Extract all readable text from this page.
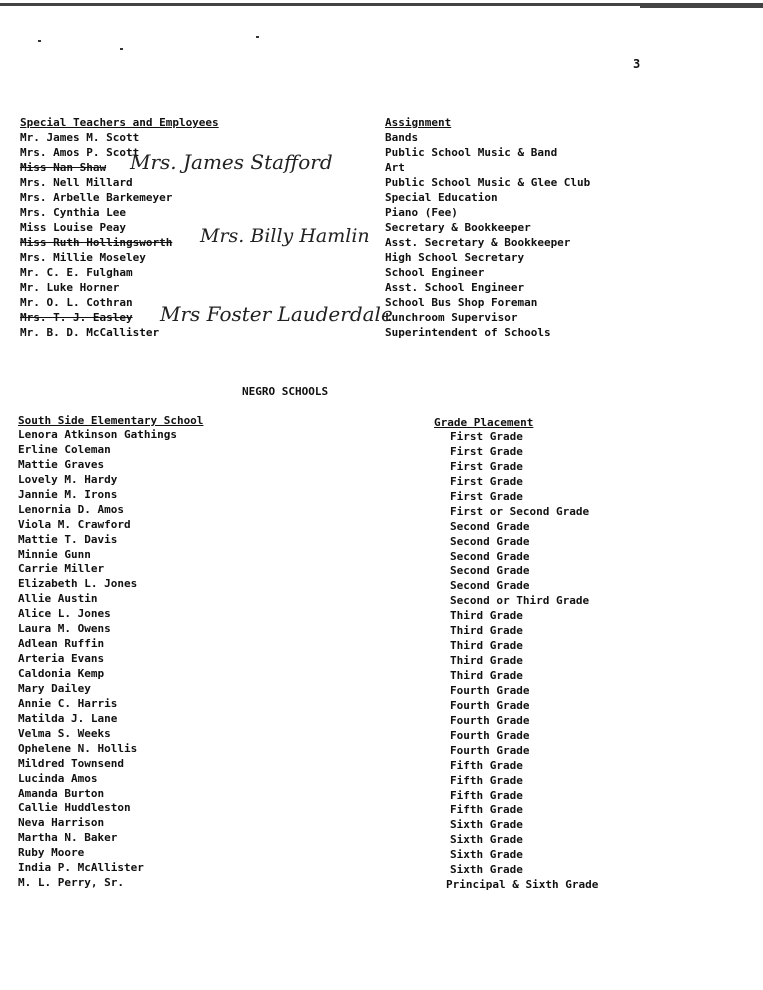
3
Special Teachers and Employees
Mr. James M. Scott
Mrs. Amos P. Scott
Miss Nan Shaw
Mrs. Nell Millard
Mrs. Arbelle Barkemeyer
Mrs. Cynthia Lee
Miss Louise Peay
Miss Ruth Hollingsworth
Mrs. Millie Moseley
Mr. C. E. Fulgham
Mr. Luke Horner
Mr. O. L. Cothran
Mrs. T. J. Easley
Mr. B. D. McCallister
Assignment
Bands
Public School Music & Band
Art
Public School Music & Glee Club
Special Education
Piano (Fee)
Secretary & Bookkeeper
Asst. Secretary & Bookkeeper
High School Secretary
School Engineer
Asst. School Engineer
School Bus Shop Foreman
Lunchroom Supervisor
Superintendent of Schools
NEGRO SCHOOLS
South Side Elementary School
Lenora Atkinson Gathings
Erline Coleman
Mattie Graves
Lovely M. Hardy
Jannie M. Irons
Lenornia D. Amos
Viola M. Crawford
Mattie T. Davis
Minnie Gunn
Carrie Miller
Elizabeth L. Jones
Allie Austin
Alice L. Jones
Laura M. Owens
Adlean Ruffin
Arteria Evans
Caldonia Kemp
Mary Dailey
Annie C. Harris
Matilda J. Lane
Velma S. Weeks
Ophelene N. Hollis
Mildred Townsend
Lucinda Amos
Amanda Burton
Callie Huddleston
Neva Harrison
Martha N. Baker
Ruby Moore
India P. McAllister
M. L. Perry, Sr.
Grade Placement
First Grade
First Grade
First Grade
First Grade
First Grade
First or Second Grade
Second Grade
Second Grade
Second Grade
Second Grade
Second Grade
Second or Third Grade
Third Grade
Third Grade
Third Grade
Third Grade
Third Grade
Fourth Grade
Fourth Grade
Fourth Grade
Fourth Grade
Fourth Grade
Fifth Grade
Fifth Grade
Fifth Grade
Fifth Grade
Sixth Grade
Sixth Grade
Sixth Grade
Sixth Grade
Principal & Sixth Grade
Mrs. James Stafford
Mrs. Billy Hamlin
Mrs Foster Lauderdale
